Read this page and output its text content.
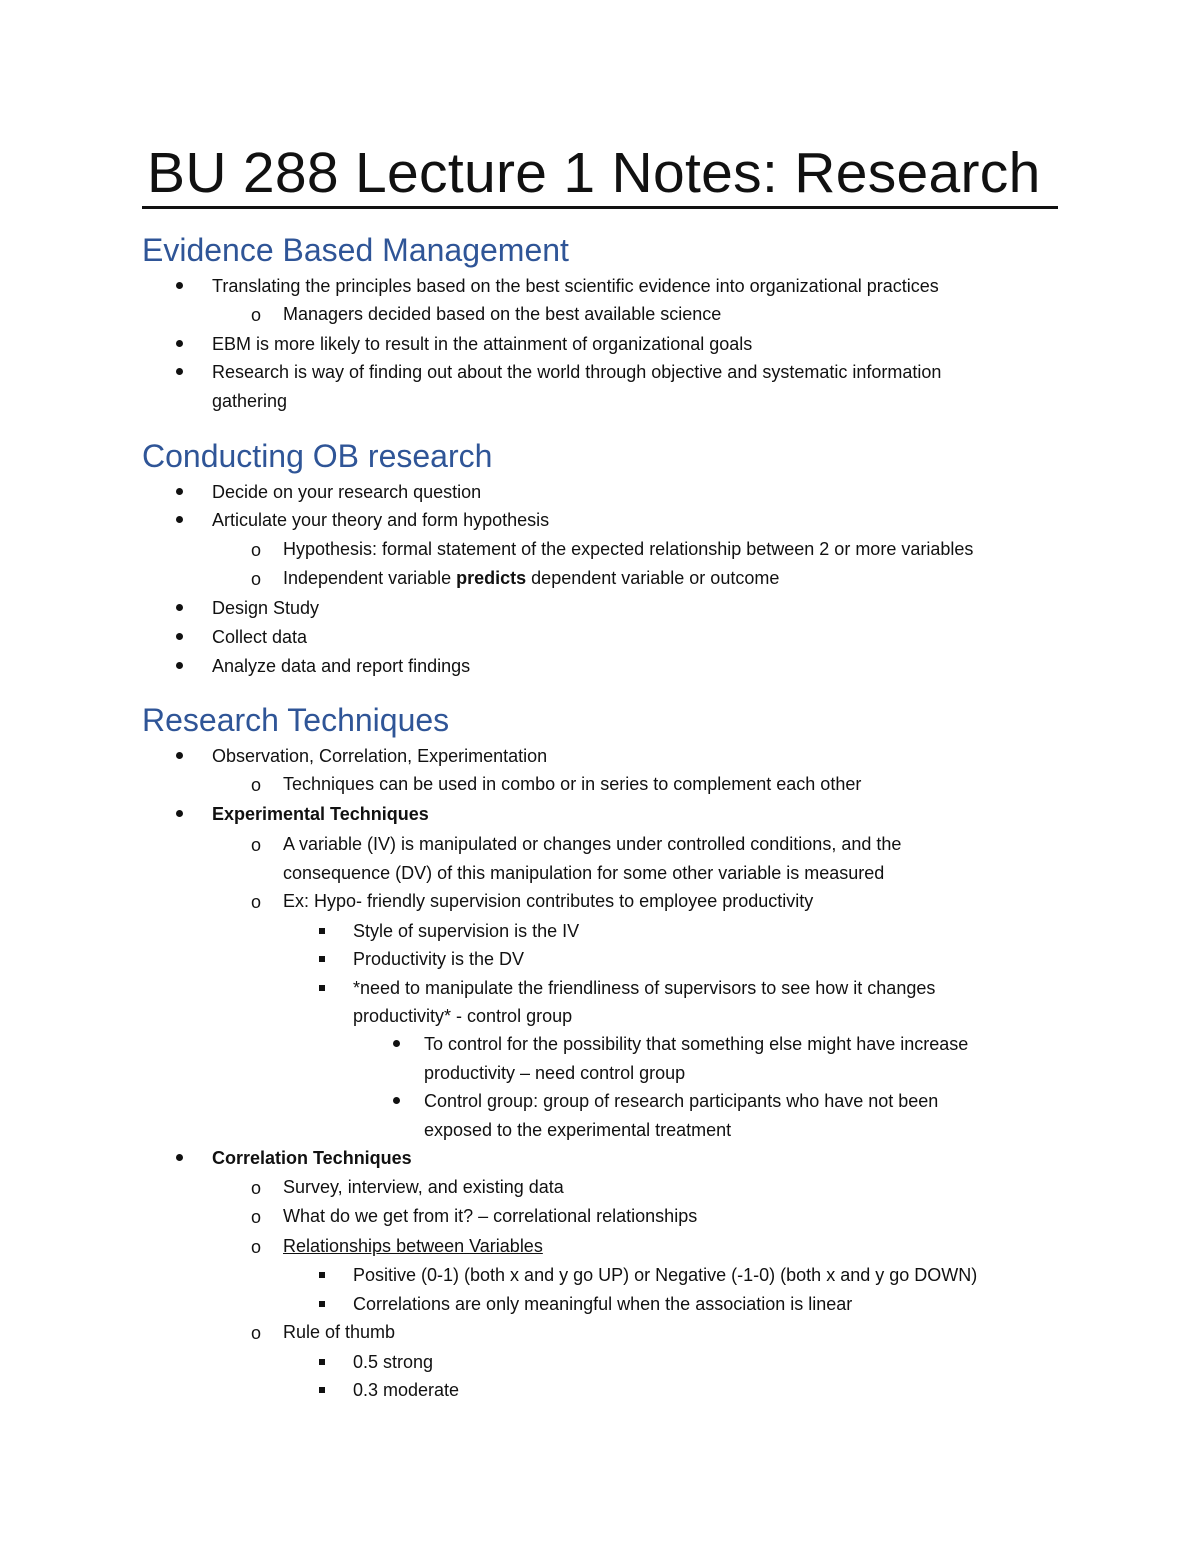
BU 288 Lecture 1 Notes: Research
Evidence Based Management
Translating the principles based on the best scientific evidence into organizational practices
o Managers decided based on the best available science
EBM is more likely to result in the attainment of organizational goals
Research is way of finding out about the world through objective and systematic information
gathering
Conducting OB research
Decide on your research question
Articulate your theory and form hypothesis
o Hypothesis: formal statement of the expected relationship between 2 or more variables
o Independent variable predicts dependent variable or outcome
Design Study
Collect data
Analyze data and report findings
Research Techniques
Observation, Correlation, Experimentation
o Techniques can be used in combo or in series to complement each other
Experimental Techniques
o A variable (IV) is manipulated or changes under controlled conditions, and the
consequence (DV) of this manipulation for some other variable is measured
o Ex: Hypo- friendly supervision contributes to employee productivity
Style of supervision is the IV
Productivity is the DV
*need to manipulate the friendliness of supervisors to see how it changes
productivity* - control group
To control for the possibility that something else might have increase
productivity – need control group
Control group: group of research participants who have not been
exposed to the experimental treatment
Correlation Techniques
o Survey, interview, and existing data
o What do we get from it? – correlational relationships
o Relationships between Variables
Positive (0-1) (both x and y go UP) or Negative (-1-0) (both x and y go DOWN)
Correlations are only meaningful when the association is linear
o Rule of thumb
0.5 strong
0.3 moderate
